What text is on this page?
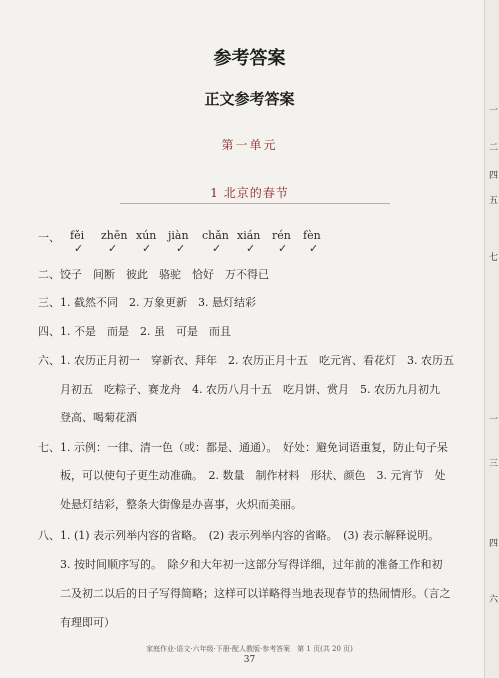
参考答案
正文参考答案
第一单元
1 北京的春节
一、 fěi
✓
zhēn
✓
xún
✓
jiàn
✓
chǎn
✓
xián
✓
rén
✓
fèn
✓
二、饺子　间断　彼此　骆驼　恰好　万不得已
三、1. 截然不同　2. 万象更新　3. 悬灯结彩
四、1. 不是　而是　2. 虽　可是　而且
六、1. 农历正月初一　穿新衣、拜年　2. 农历正月十五　吃元宵、看花灯　3. 农历五
月初五　吃粽子、赛龙舟　4. 农历八月十五　吃月饼、赏月　5. 农历九月初九
登高、喝菊花酒
七、1. 示例：一律、清一色（或：都是、通通）。　好处：避免词语重复，防止句子呆
板，可以使句子更生动准确。　2. 数量　制作材料　形状、颜色　3. 元宵节　处
处悬灯结彩，整条大街像是办喜事，火炽而美丽。
八、1. (1) 表示列举内容的省略。　(2) 表示列举内容的省略。　(3) 表示解释说明。
3. 按时间顺序写的。　除夕和大年初一这部分写得详细，过年前的准备工作和初
二及初二以后的日子写得简略；这样可以详略得当地表现春节的热闹情形。（言之
有理即可）
家庭作业·语文·六年级·下册·配人教版·参考答案　第 1 页(共 20 页)
37
一
二
四
五
七
一
三
四
六
